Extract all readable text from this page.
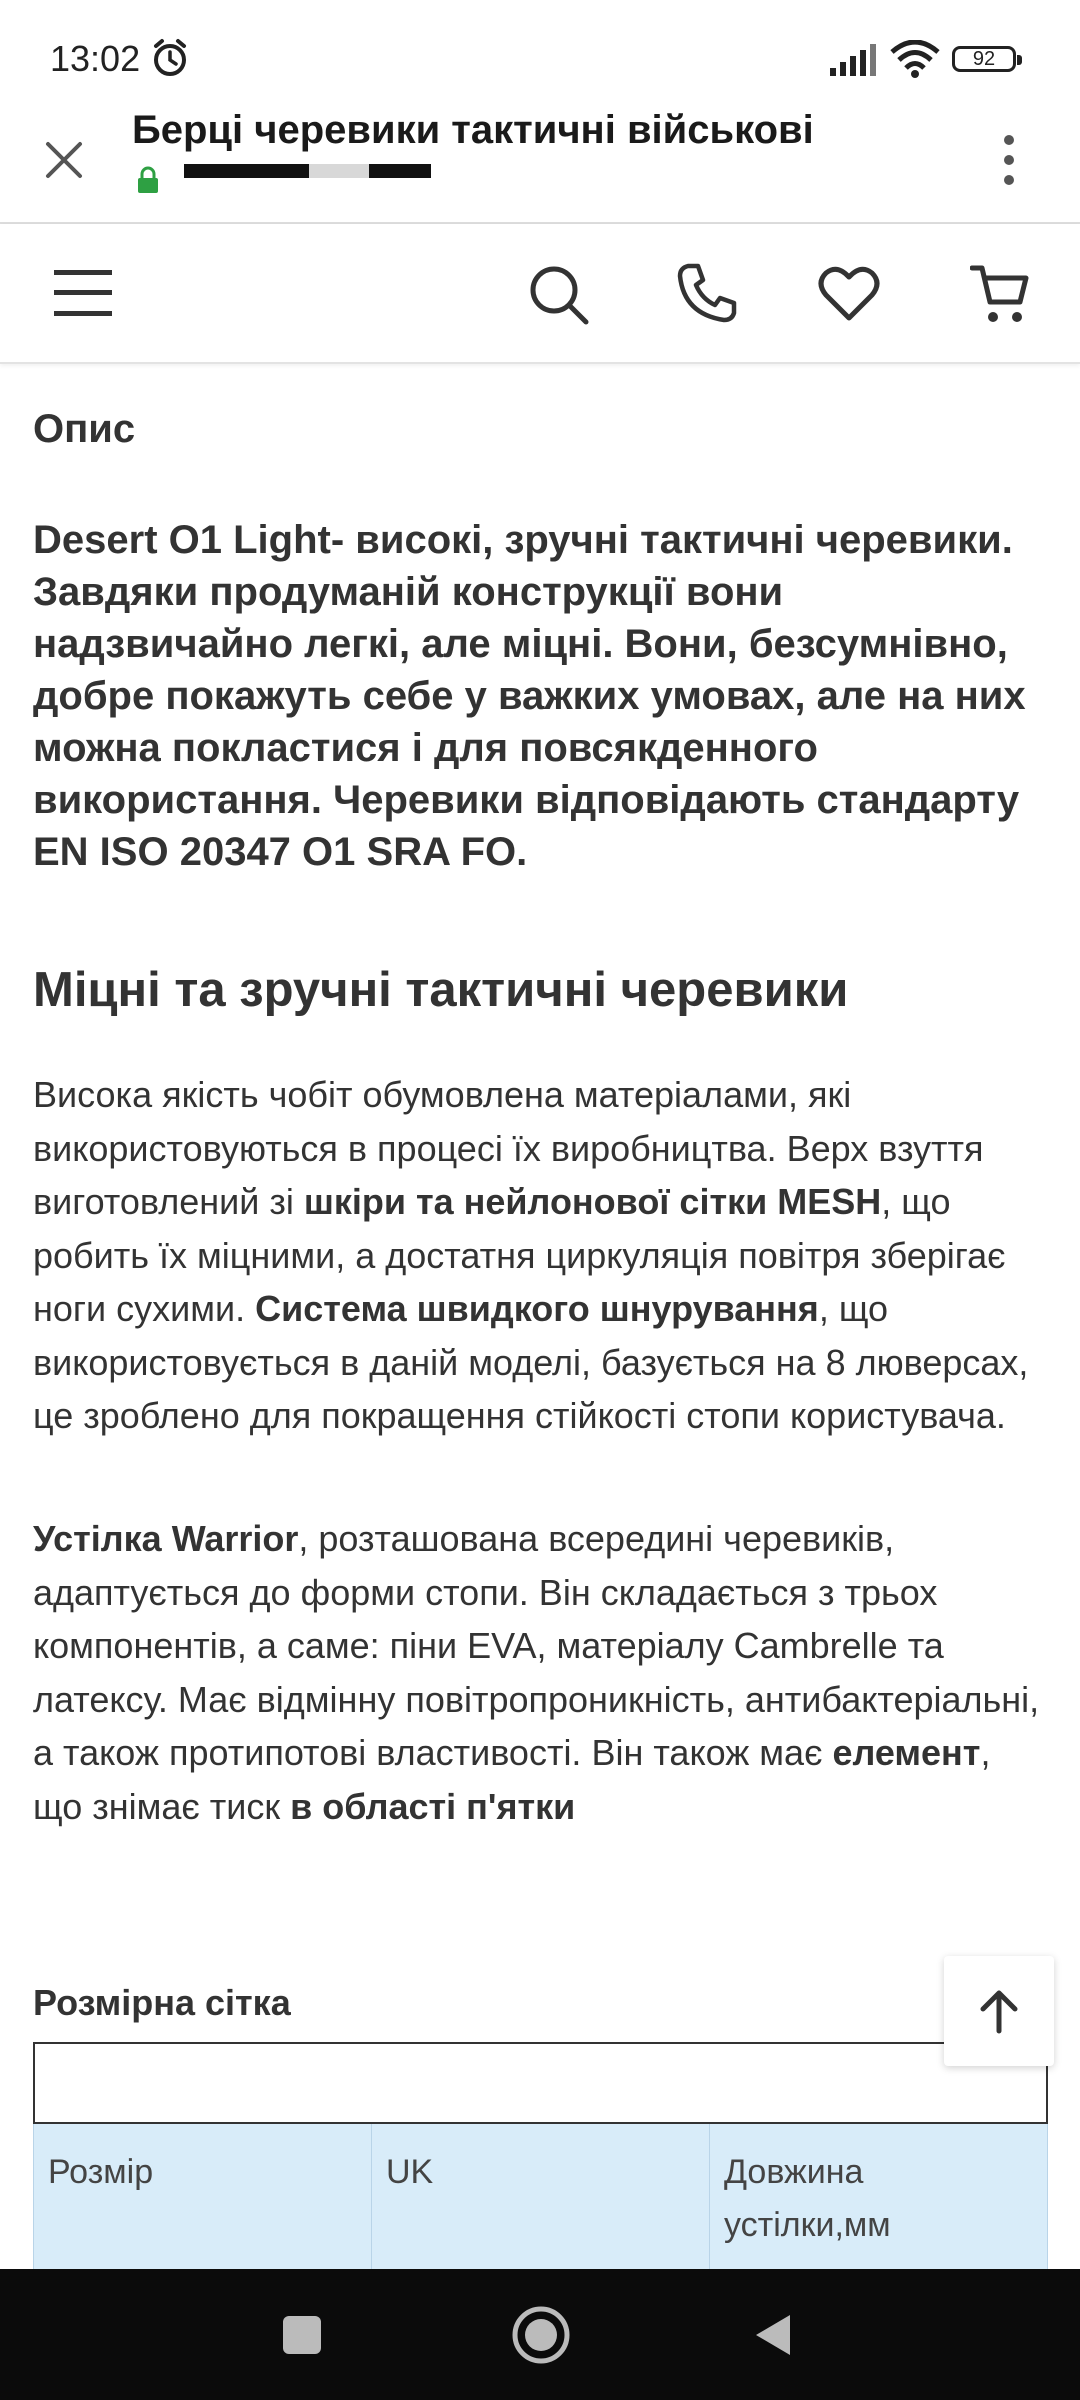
13:02	92
Берці черевики тактичні військові
Опис
Desert O1 Light- високі, зручні тактичні черевики. Завдяки продуманій конструкції вони надзвичайно легкі, але міцні. Вони, безсумнівно, добре покажуть себе у важких умовах, але на них можна покластися і для повсякденного використання. Черевики відповідають стандарту EN ISO 20347 O1 SRA FO.
Міцні та зручні тактичні черевики
Висока якість чобіт обумовлена матеріалами, які використовуються в процесі їх виробництва. Верх взуття виготовлений зі шкіри та нейлонової сітки MESH, що робить їх міцними, а достатня циркуляція повітря зберігає ноги сухими. Система швидкого шнурування, що використовується в даній моделі, базується на 8 люверсах, це зроблено для покращення стійкості стопи користувача.
Устілка Warrior, розташована всередині черевиків, адаптується до форми стопи. Він складається з трьох компонентів, а саме: піни EVA, матеріалу Cambrelle та латексу. Має відмінну повітропроникність, антибактеріальні, а також протипотові властивості. Він також має елемент, що знімає тиск в області п'ятки
Розмірна сітка
Розмір	UK	Довжина устілки,мм
